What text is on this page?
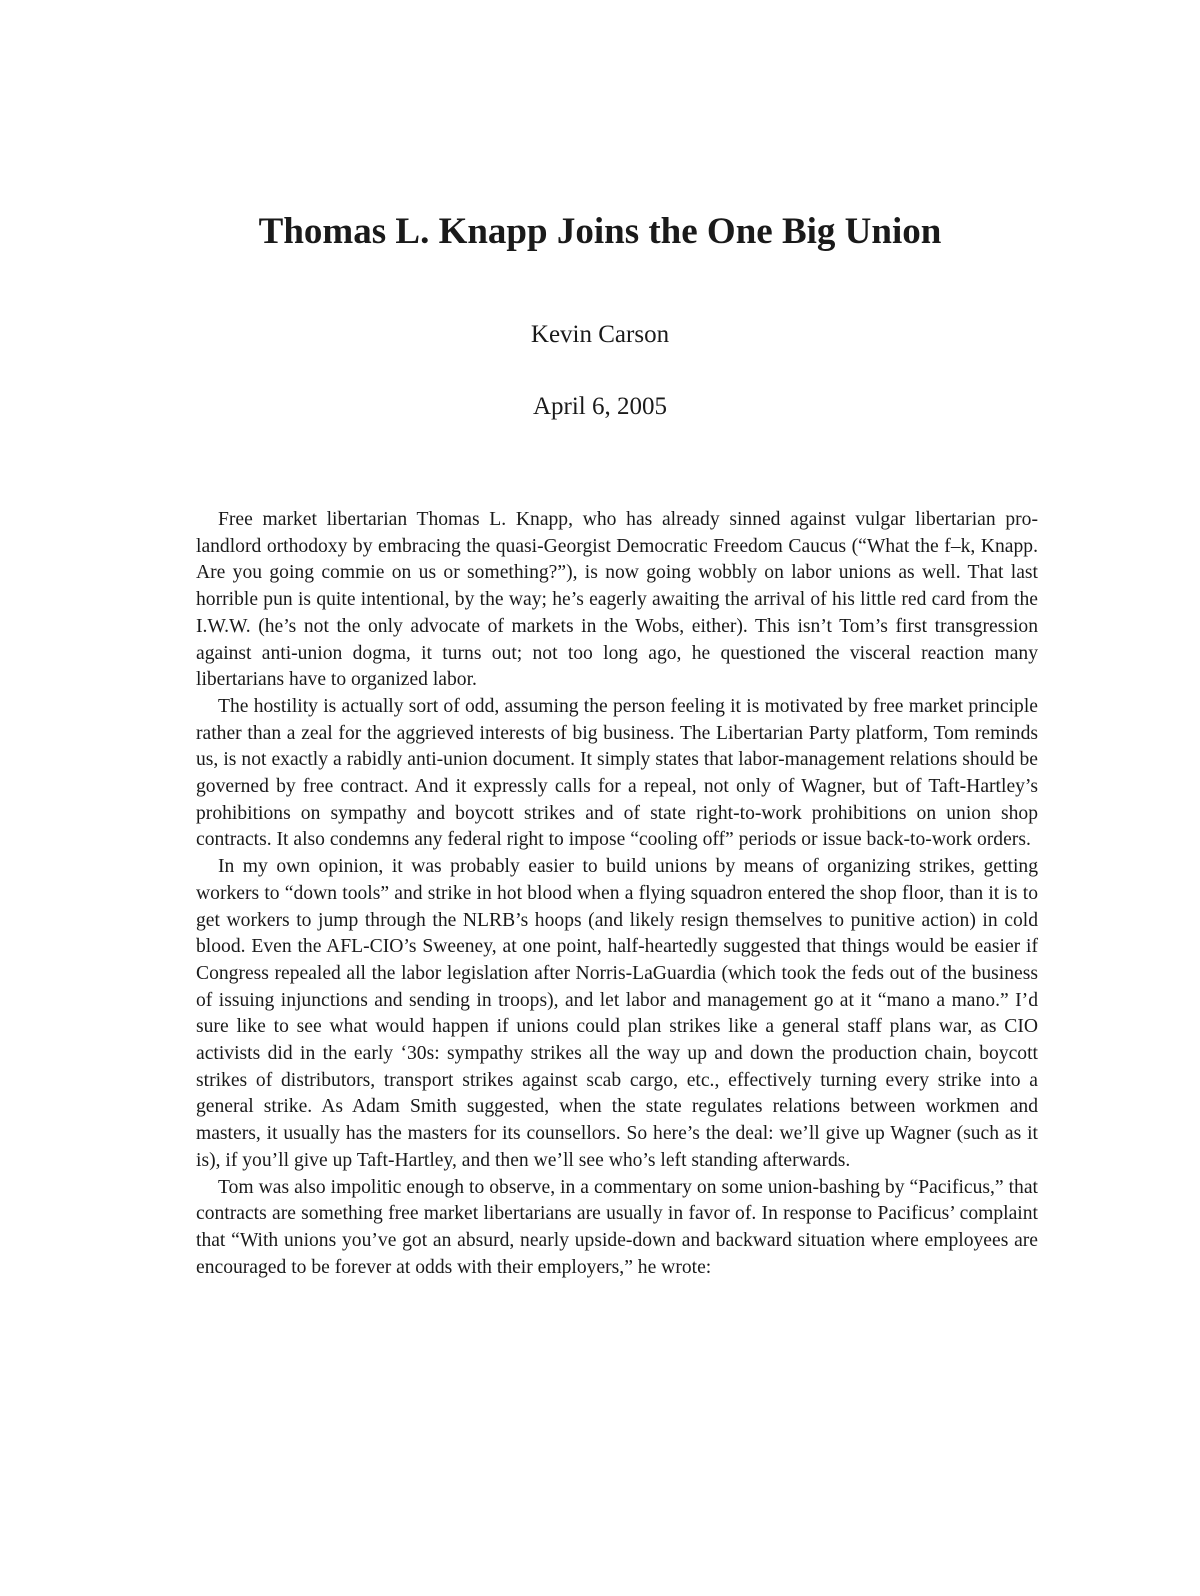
Thomas L. Knapp Joins the One Big Union
Kevin Carson
April 6, 2005

Free market libertarian Thomas L. Knapp, who has already sinned against vulgar libertarian pro-landlord orthodoxy by embracing the quasi-Georgist Democratic Freedom Caucus (“What the f–k, Knapp. Are you going commie on us or something?”), is now going wobbly on labor unions as well. That last horrible pun is quite intentional, by the way; he’s eagerly awaiting the arrival of his little red card from the I.W.W. (he’s not the only advocate of markets in the Wobs, either). This isn’t Tom’s first transgression against anti-union dogma, it turns out; not too long ago, he questioned the visceral reaction many libertarians have to organized labor.

The hostility is actually sort of odd, assuming the person feeling it is motivated by free market principle rather than a zeal for the aggrieved interests of big business. The Libertarian Party platform, Tom reminds us, is not exactly a rabidly anti-union document. It simply states that labor-management relations should be governed by free contract. And it expressly calls for a repeal, not only of Wagner, but of Taft-Hartley’s prohibitions on sympathy and boycott strikes and of state right-to-work prohibitions on union shop contracts. It also condemns any federal right to impose “cooling off” periods or issue back-to-work orders.

In my own opinion, it was probably easier to build unions by means of organizing strikes, getting workers to “down tools” and strike in hot blood when a flying squadron entered the shop floor, than it is to get workers to jump through the NLRB’s hoops (and likely resign themselves to punitive action) in cold blood. Even the AFL-CIO’s Sweeney, at one point, half-heartedly suggested that things would be easier if Congress repealed all the labor legislation after Norris-LaGuardia (which took the feds out of the business of issuing injunctions and sending in troops), and let labor and management go at it “mano a mano.” I’d sure like to see what would happen if unions could plan strikes like a general staff plans war, as CIO activists did in the early ‘30s: sympathy strikes all the way up and down the production chain, boycott strikes of distributors, transport strikes against scab cargo, etc., effectively turning every strike into a general strike. As Adam Smith suggested, when the state regulates relations between workmen and masters, it usually has the masters for its counsellors. So here’s the deal: we’ll give up Wagner (such as it is), if you’ll give up Taft-Hartley, and then we’ll see who’s left standing afterwards.

Tom was also impolitic enough to observe, in a commentary on some union-bashing by “Pacificus,” that contracts are something free market libertarians are usually in favor of. In response to Pacificus’ complaint that “With unions you’ve got an absurd, nearly upside-down and backward situation where employees are encouraged to be forever at odds with their employers,” he wrote:
